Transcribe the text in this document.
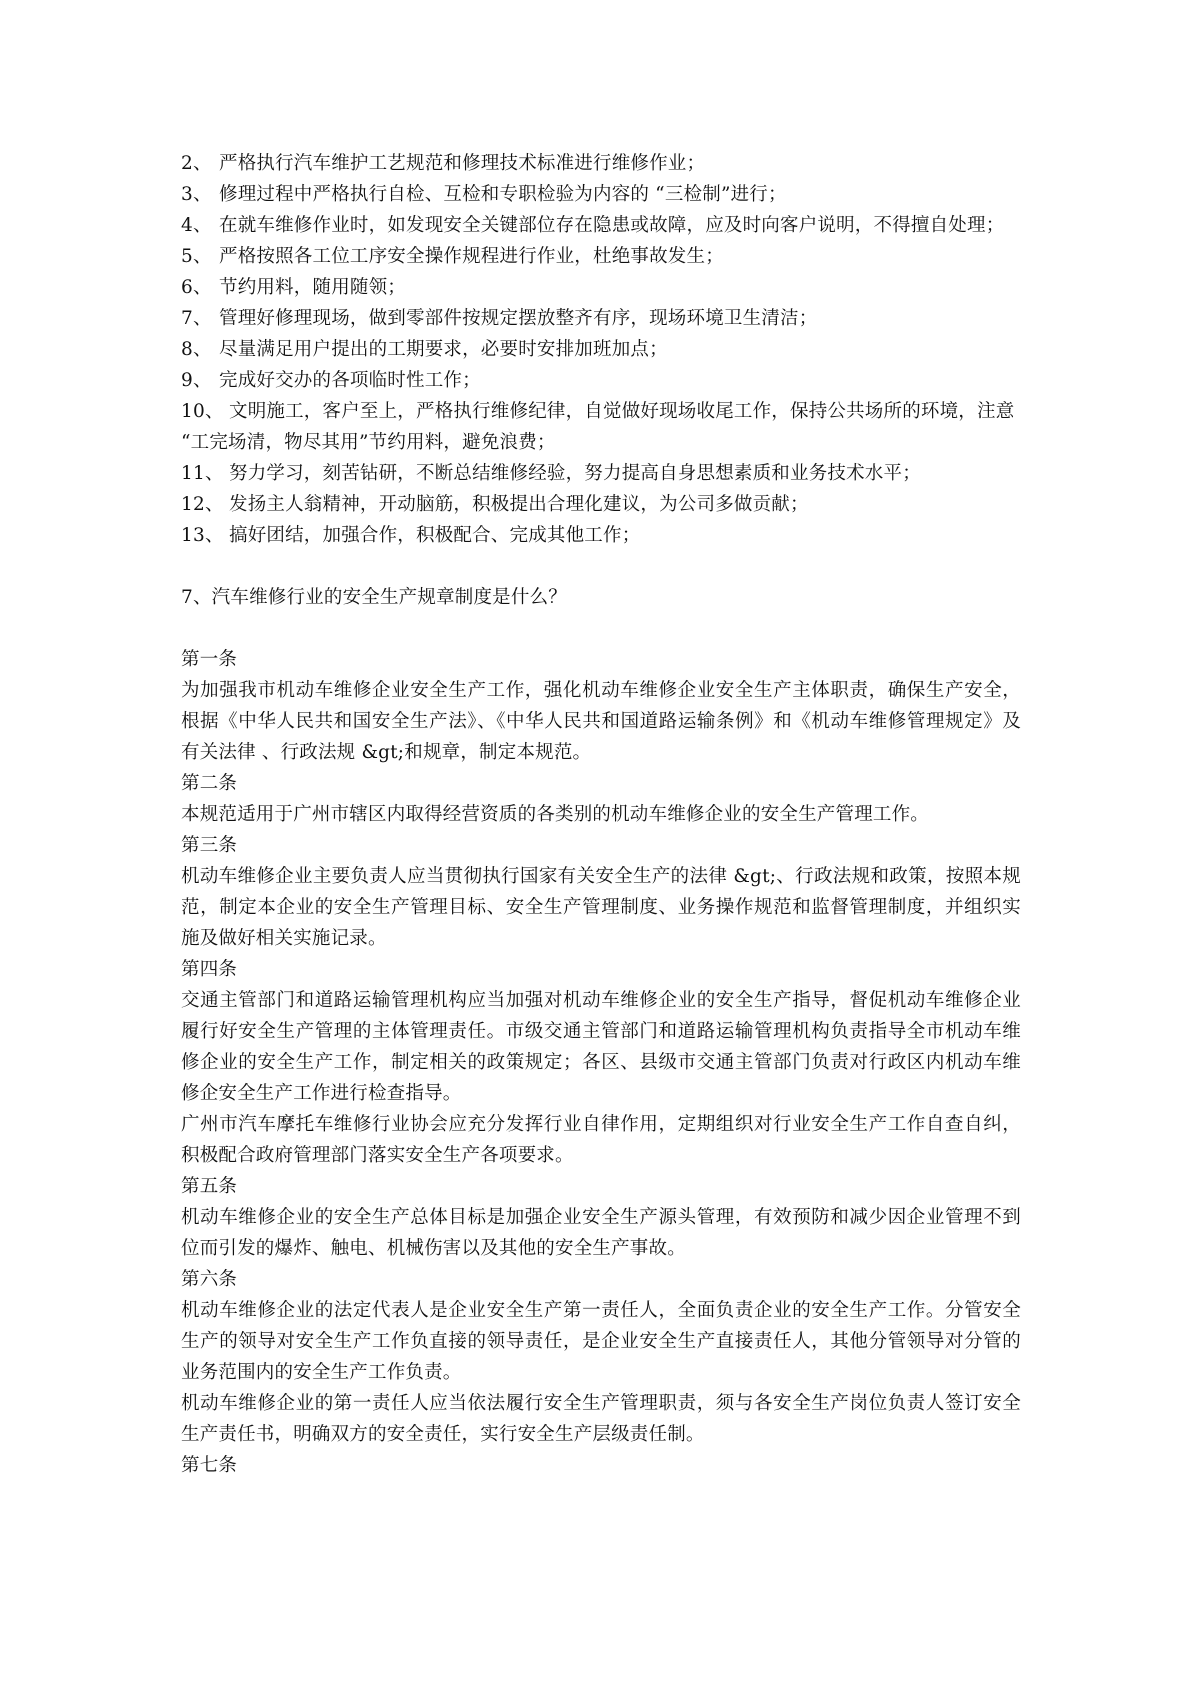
2、 严格执行汽车维护工艺规范和修理技术标准进行维修作业；
3、 修理过程中严格执行自检、互检和专职检验为内容的 “三检制”进行；
4、 在就车维修作业时，如发现安全关键部位存在隐患或故障，应及时向客户说明，不得擅自处理；
5、 严格按照各工位工序安全操作规程进行作业，杜绝事故发生；
6、 节约用料，随用随领；
7、 管理好修理现场，做到零部件按规定摆放整齐有序，现场环境卫生清洁；
8、 尽量满足用户提出的工期要求，必要时安排加班加点；
9、 完成好交办的各项临时性工作；
10、 文明施工，客户至上，严格执行维修纪律，自觉做好现场收尾工作，保持公共场所的环境，注意 “工完场清，物尽其用”节约用料，避免浪费；
11、 努力学习，刻苦钻研，不断总结维修经验，努力提高自身思想素质和业务技术水平；
12、 发扬主人翁精神，开动脑筋，积极提出合理化建议，为公司多做贡献；
13、 搞好团结，加强合作，积极配合、完成其他工作；
7、汽车维修行业的安全生产规章制度是什么？
第一条
为加强我市机动车维修企业安全生产工作，强化机动车维修企业安全生产主体职责，确保生产安全，根据《中华人民共和国安全生产法》、《中华人民共和国道路运输条例》和《机动车维修管理规定》及有关法律 、行政法规 &gt;和规章，制定本规范。
第二条
本规范适用于广州市辖区内取得经营资质的各类别的机动车维修企业的安全生产管理工作。
第三条
机动车维修企业主要负责人应当贯彻执行国家有关安全生产的法律 &gt;、行政法规和政策，按照本规范，制定本企业的安全生产管理目标、安全生产管理制度、业务操作规范和监督管理制度，并组织实施及做好相关实施记录。
第四条
交通主管部门和道路运输管理机构应当加强对机动车维修企业的安全生产指导，督促机动车维修企业履行好安全生产管理的主体管理责任。市级交通主管部门和道路运输管理机构负责指导全市机动车维修企业的安全生产工作，制定相关的政策规定；各区、县级市交通主管部门负责对行政区内机动车维修企安全生产工作进行检查指导。
广州市汽车摩托车维修行业协会应充分发挥行业自律作用，定期组织对行业安全生产工作自查自纠，积极配合政府管理部门落实安全生产各项要求。
第五条
机动车维修企业的安全生产总体目标是加强企业安全生产源头管理，有效预防和减少因企业管理不到位而引发的爆炸、触电、机械伤害以及其他的安全生产事故。
第六条
机动车维修企业的法定代表人是企业安全生产第一责任人，全面负责企业的安全生产工作。分管安全生产的领导对安全生产工作负直接的领导责任，是企业安全生产直接责任人，其他分管领导对分管的业务范围内的安全生产工作负责。
机动车维修企业的第一责任人应当依法履行安全生产管理职责，须与各安全生产岗位负责人签订安全生产责任书，明确双方的安全责任，实行安全生产层级责任制。
第七条
